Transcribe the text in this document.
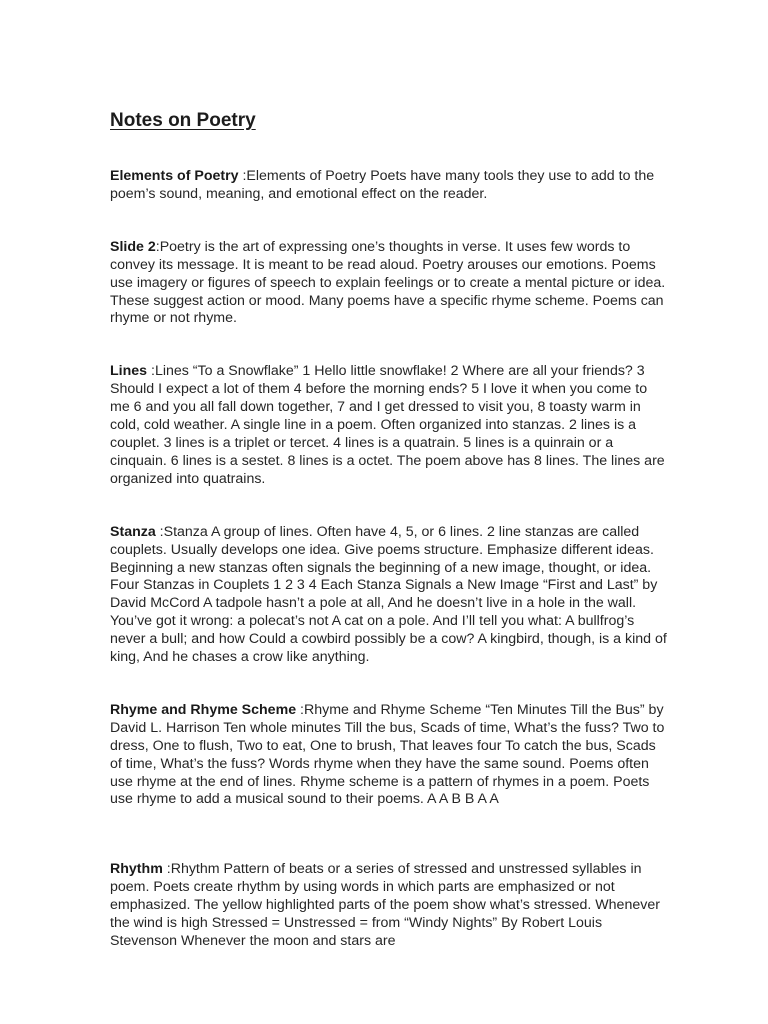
Notes on Poetry

Elements of Poetry :Elements of Poetry Poets have many tools they use to add to the poem’s sound, meaning, and emotional effect on the reader.

Slide 2:Poetry is the art of expressing one’s thoughts in verse. It uses few words to convey its message. It is meant to be read aloud. Poetry arouses our emotions. Poems use imagery or figures of speech to explain feelings or to create a mental picture or idea. These suggest action or mood. Many poems have a specific rhyme scheme. Poems can rhyme or not rhyme.

Lines :Lines “To a Snowflake” 1 Hello little snowflake! 2 Where are all your friends? 3 Should I expect a lot of them 4 before the morning ends? 5 I love it when you come to me 6 and you all fall down together, 7 and I get dressed to visit you, 8 toasty warm in cold, cold weather. A single line in a poem. Often organized into stanzas. 2 lines is a couplet. 3 lines is a triplet or tercet. 4 lines is a quatrain. 5 lines is a quinrain or a cinquain. 6 lines is a sestet. 8 lines is a octet. The poem above has 8 lines. The lines are organized into quatrains.

Stanza :Stanza A group of lines. Often have 4, 5, or 6 lines. 2 line stanzas are called couplets. Usually develops one idea. Give poems structure. Emphasize different ideas. Beginning a new stanzas often signals the beginning of a new image, thought, or idea. Four Stanzas in Couplets 1 2 3 4 Each Stanza Signals a New Image “First and Last” by David McCord A tadpole hasn’t a pole at all, And he doesn’t live in a hole in the wall. You’ve got it wrong: a polecat’s not A cat on a pole. And I’ll tell you what: A bullfrog’s never a bull; and how Could a cowbird possibly be a cow? A kingbird, though, is a kind of king, And he chases a crow like anything.

Rhyme and Rhyme Scheme :Rhyme and Rhyme Scheme “Ten Minutes Till the Bus” by David L. Harrison Ten whole minutes Till the bus, Scads of time, What’s the fuss? Two to dress, One to flush, Two to eat, One to brush, That leaves four To catch the bus, Scads of time, What’s the fuss? Words rhyme when they have the same sound. Poems often use rhyme at the end of lines. Rhyme scheme is a pattern of rhymes in a poem. Poets use rhyme to add a musical sound to their poems. A A B B A A

Rhythm :Rhythm Pattern of beats or a series of stressed and unstressed syllables in poem. Poets create rhythm by using words in which parts are emphasized or not emphasized. The yellow highlighted parts of the poem show what’s stressed. Whenever the wind is high Stressed = Unstressed = from “Windy Nights” By Robert Louis Stevenson Whenever the moon and stars are
